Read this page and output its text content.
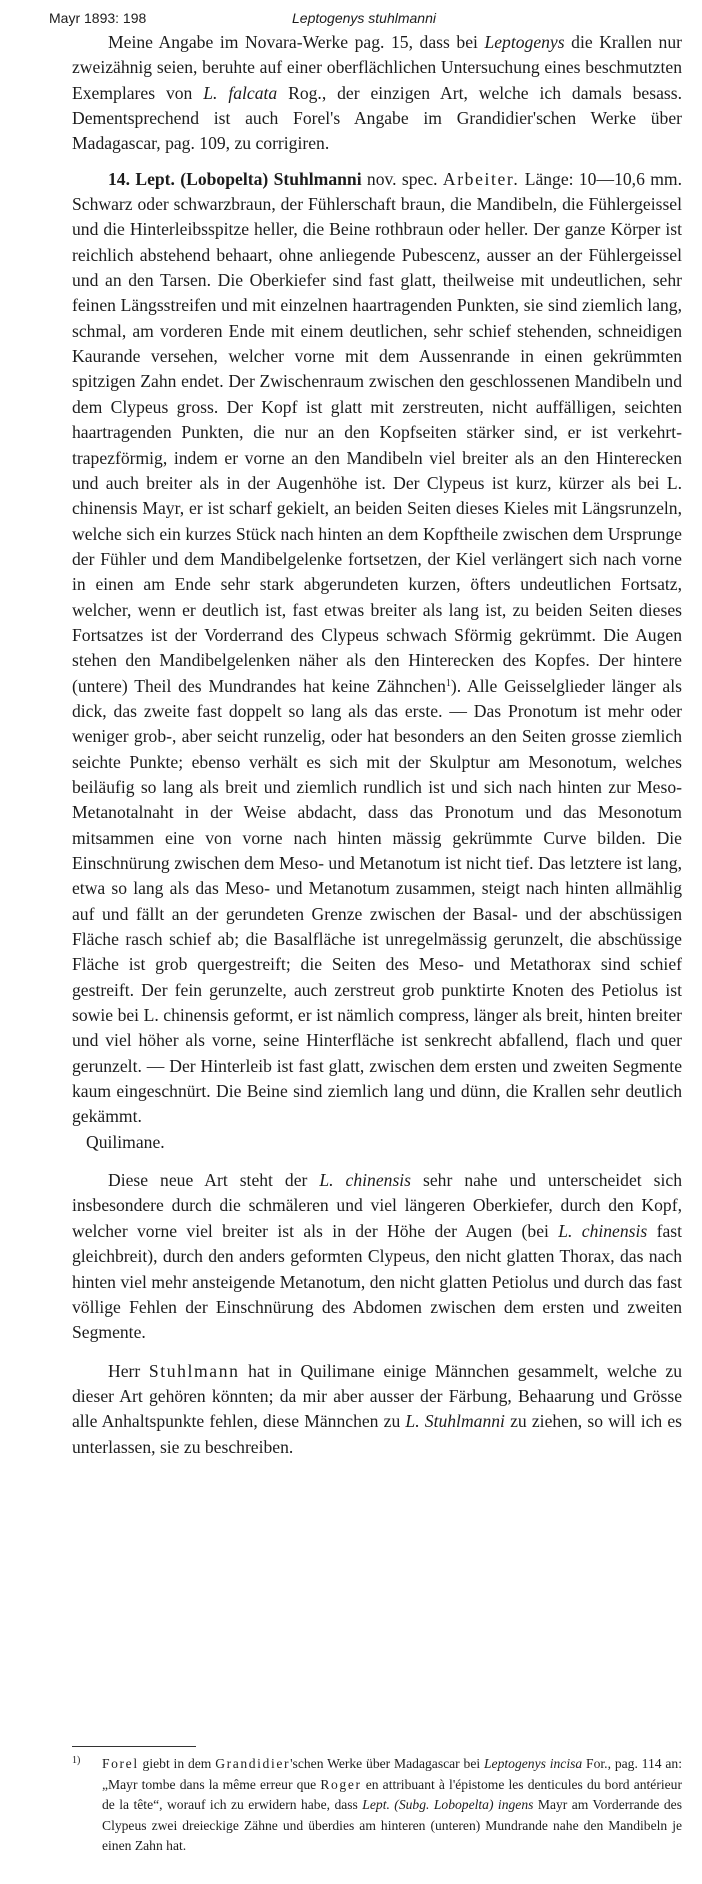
Mayr 1893: 198	Leptogenys stuhlmanni

Meine Angabe im Novara-Werke pag. 15, dass bei Leptogenys die Krallen nur zweizähnig seien, beruhte auf einer oberflächlichen Untersuchung eines beschmutzten Exemplares von L. falcata Rog., der einzigen Art, welche ich damals besass. Dementsprechend ist auch Forel's Angabe im Grandidier'schen Werke über Madagascar, pag. 109, zu corrigiren.

14. Lept. (Lobopelta) Stuhlmanni nov. spec. Arbeiter. Länge: 10—10,6 mm. Schwarz oder schwarzbraun, der Fühlerschaft braun, die Mandibeln, die Fühlergeissel und die Hinterleibsspitze heller, die Beine rothbraun oder heller. Der ganze Körper ist reichlich abstehend behaart, ohne anliegende Pubescenz, ausser an der Fühlergeissel und an den Tarsen. Die Oberkiefer sind fast glatt, theilweise mit undeutlichen, sehr feinen Längsstreifen und mit einzelnen haartragenden Punkten, sie sind ziemlich lang, schmal, am vorderen Ende mit einem deutlichen, sehr schief stehenden, schneidigen Kaurande versehen, welcher vorne mit dem Aussenrande in einen gekrümmten spitzigen Zahn endet. Der Zwischenraum zwischen den geschlossenen Mandibeln und dem Clypeus gross. Der Kopf ist glatt mit zerstreuten, nicht auffälligen, seichten haartragenden Punkten, die nur an den Kopfseiten stärker sind, er ist verkehrt-trapezförmig, indem er vorne an den Mandibeln viel breiter als an den Hinterecken und auch breiter als in der Augenhöhe ist. Der Clypeus ist kurz, kürzer als bei L. chinensis Mayr, er ist scharf gekielt, an beiden Seiten dieses Kieles mit Längsrunzeln, welche sich ein kurzes Stück nach hinten an dem Kopftheile zwischen dem Ursprunge der Fühler und dem Mandibelgelenke fortsetzen, der Kiel verlängert sich nach vorne in einen am Ende sehr stark abgerundeten kurzen, öfters undeutlichen Fortsatz, welcher, wenn er deutlich ist, fast etwas breiter als lang ist, zu beiden Seiten dieses Fortsatzes ist der Vorderrand des Clypeus schwach Sförmig gekrümmt. Die Augen stehen den Mandibelgelenken näher als den Hinterecken des Kopfes. Der hintere (untere) Theil des Mundrandes hat keine Zähnchen$^1$). Alle Geisselglieder länger als dick, das zweite fast doppelt so lang als das erste. — Das Pronotum ist mehr oder weniger grob-, aber seicht runzelig, oder hat besonders an den Seiten grosse ziemlich seichte Punkte; ebenso verhält es sich mit der Skulptur am Mesonotum, welches beiläufig so lang als breit und ziemlich rundlich ist und sich nach hinten zur Meso-Metanotalnaht in der Weise abdacht, dass das Pronotum und das Mesonotum mitsammen eine von vorne nach hinten mässig gekrümmte Curve bilden. Die Einschnürung zwischen dem Meso- und Metanotum ist nicht tief. Das letztere ist lang, etwa so lang als das Meso- und Metanotum zusammen, steigt nach hinten allmählig auf und fällt an der gerundeten Grenze zwischen der Basal- und der abschüssigen Fläche rasch schief ab; die Basalfläche ist unregelmässig gerunzelt, die abschüssige Fläche ist grob quergestreift; die Seiten des Meso- und Metathorax sind schief gestreift. Der fein gerunzelte, auch zerstreut grob punktirte Knoten des Petiolus ist sowie bei L. chinensis geformt, er ist nämlich compress, länger als breit, hinten breiter und viel höher als vorne, seine Hinterfläche ist senkrecht abfallend, flach und quer gerunzelt. — Der Hinterleib ist fast glatt, zwischen dem ersten und zweiten Segmente kaum eingeschnürt. Die Beine sind ziemlich lang und dünn, die Krallen sehr deutlich gekämmt.

Quilimane.

Diese neue Art steht der L. chinensis sehr nahe und unterscheidet sich insbesondere durch die schmäleren und viel längeren Oberkiefer, durch den Kopf, welcher vorne viel breiter ist als in der Höhe der Augen (bei L. chinensis fast gleichbreit), durch den anders geformten Clypeus, den nicht glatten Thorax, das nach hinten viel mehr ansteigende Metanotum, den nicht glatten Petiolus und durch das fast völlige Fehlen der Einschnürung des Abdomen zwischen dem ersten und zweiten Segmente.

Herr Stuhlmann hat in Quilimane einige Männchen gesammelt, welche zu dieser Art gehören könnten; da mir aber ausser der Färbung, Behaarung und Grösse alle Anhaltspunkte fehlen, diese Männchen zu L. Stuhlmanni zu ziehen, so will ich es unterlassen, sie zu beschreiben.

1) Forel giebt in dem Grandidier'schen Werke über Madagascar bei Leptogenys incisa For., pag. 114 an: „Mayr tombe dans la même erreur que Roger en attribuant à l'épistome les denticules du bord antérieur de la tête“, worauf ich zu erwidern habe, dass Lept. (Subg. Lobopelta) ingens Mayr am Vorderrande des Clypeus zwei dreieckige Zähne und überdies am hinteren (unteren) Mundrande nahe den Mandibeln je einen Zahn hat.
